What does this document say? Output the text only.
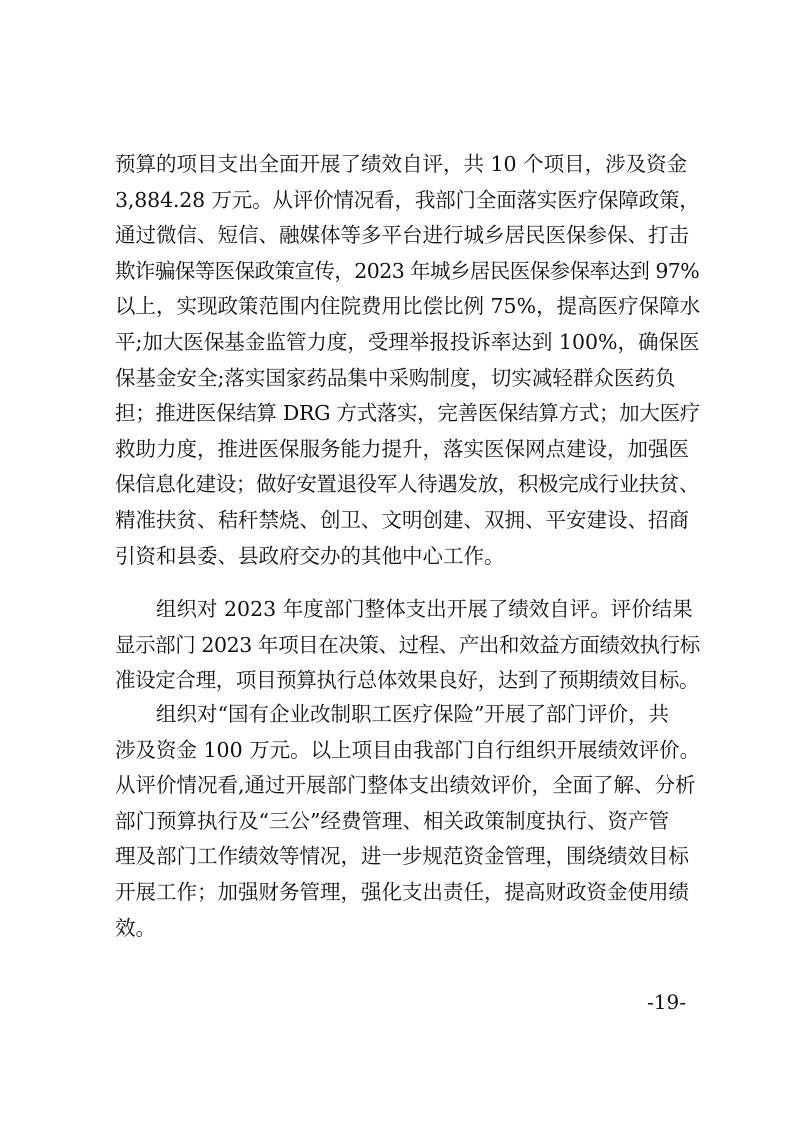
预算的项目支出全面开展了绩效自评，共 10 个项目，涉及资金
3,884.28 万元。从评价情况看，我部门全面落实医疗保障政策，
通过微信、短信、融媒体等多平台进行城乡居民医保参保、打击
欺诈骗保等医保政策宣传，2023 年城乡居民医保参保率达到 97%
以上，实现政策范围内住院费用比偿比例 75%，提高医疗保障水
平;加大医保基金监管力度，受理举报投诉率达到 100%，确保医
保基金安全;落实国家药品集中采购制度，切实减轻群众医药负
担；推进医保结算 DRG 方式落实，完善医保结算方式；加大医疗
救助力度，推进医保服务能力提升，落实医保网点建设，加强医
保信息化建设；做好安置退役军人待遇发放，积极完成行业扶贫、
精准扶贫、秸秆禁烧、创卫、文明创建、双拥、平安建设、招商
引资和县委、县政府交办的其他中心工作。
组织对 2023 年度部门整体支出开展了绩效自评。评价结果
显示部门 2023 年项目在决策、过程、产出和效益方面绩效执行标
准设定合理，项目预算执行总体效果良好，达到了预期绩效目标。
组织对“国有企业改制职工医疗保险”开展了部门评价，共
涉及资金 100 万元。以上项目由我部门自行组织开展绩效评价。
从评价情况看,通过开展部门整体支出绩效评价，全面了解、分析
部门预算执行及“三公”经费管理、相关政策制度执行、资产管
理及部门工作绩效等情况，进一步规范资金管理，围绕绩效目标
开展工作；加强财务管理，强化支出责任，提高财政资金使用绩
效。
-19-
